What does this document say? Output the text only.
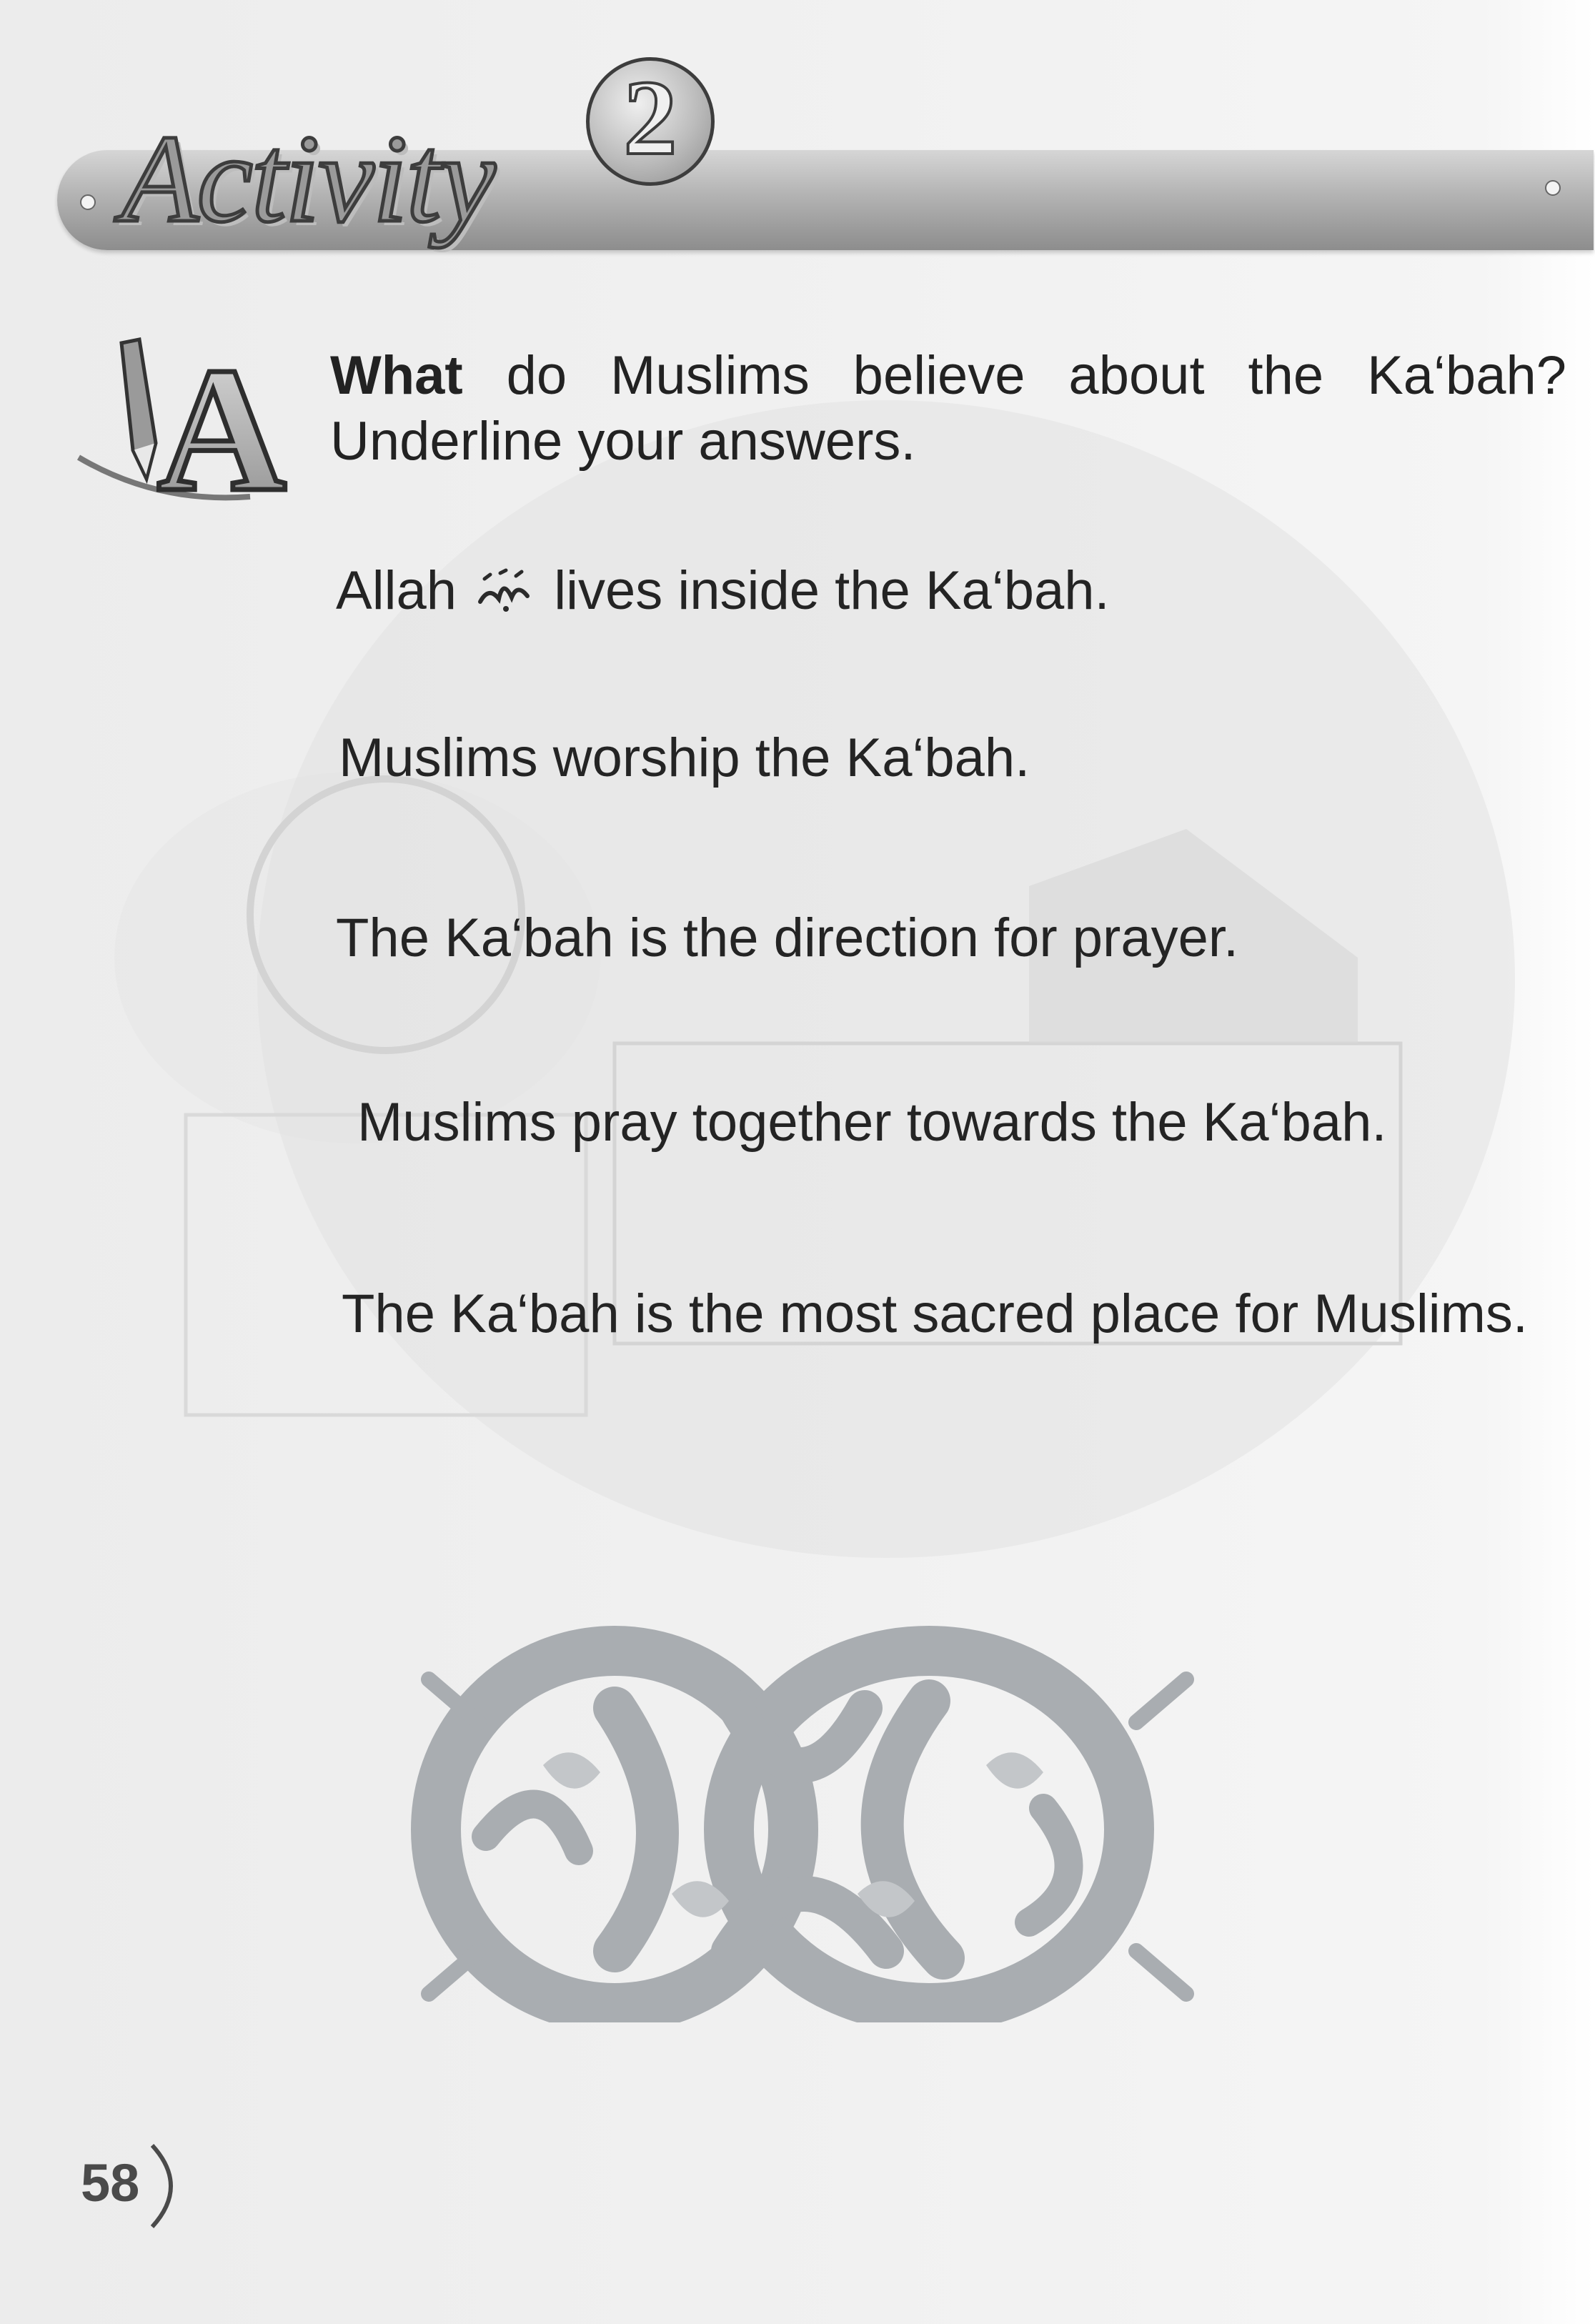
Activity	2
A What do Muslims believe about the Ka‘bah?
Underline your answers.
Allah lives inside the Ka‘bah.
Muslims worship the Ka‘bah.
The Ka‘bah is the direction for prayer.
Muslims pray together towards the Ka‘bah.
The Ka‘bah is the most sacred place for Muslims.
58
